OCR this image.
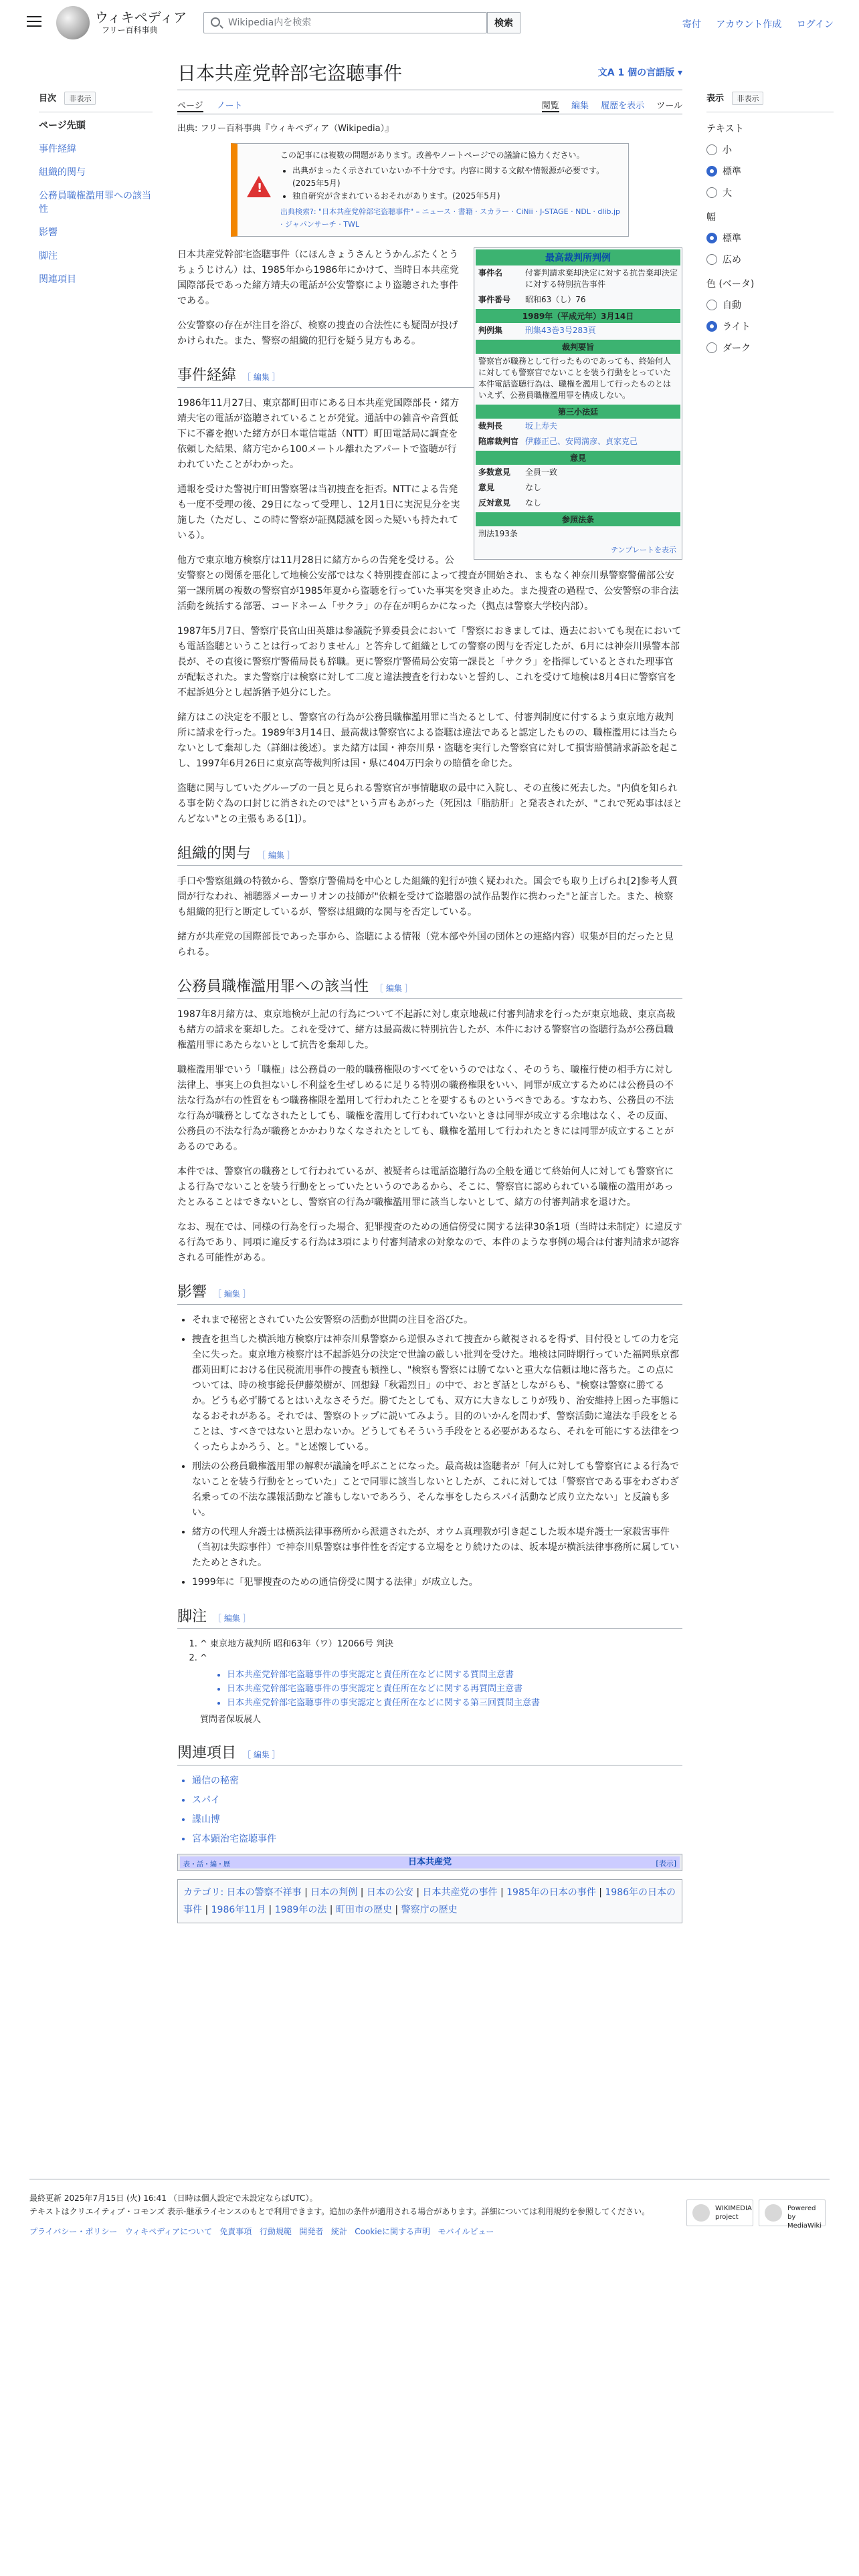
ウィキペディア
フリー百科事典
Wikipedia内を検索
検索	寄付 アカウント作成 ログイン
目次 非表示
ページ先頭
事件経緯
組織的関与
公務員職権濫用罪への該当性
影響
脚注
関連項目
表示 非表示
テキスト
小
標準
大
幅
標準
広め
色 (ベータ)
自動
ライト
ダーク
日本共産党幹部宅盗聴事件	文A 1 個の言語版 ▾
ページ ノート	閲覧 編集 履歴を表示 ツール
出典: フリー百科事典『ウィキペディア（Wikipedia）』
!
この記事には複数の問題があります。改善やノートページでの議論に協力ください。
• 出典がまったく示されていないか不十分です。内容に関する文献や情報源が必要です。(2025年5月)
• 独自研究が含まれているおそれがあります。(2025年5月)
出典検索?: "日本共産党幹部宅盗聴事件" – ニュース · 書籍 · スカラー · CiNii · J-STAGE · NDL · dlib.jp · ジャパンサーチ · TWL
最高裁判所判例
事件名	付審判請求棄却決定に対する抗告棄却決定に対する特別抗告事件
事件番号	昭和63（し）76
1989年（平成元年）3月14日
判例集	刑集43巻3号283頁
裁判要旨
警察官が職務として行ったものであっても、終始何人に対しても警察官でないことを装う行動をとっていた本件電話盗聴行為は、職権を濫用して行ったものとはいえず、公務員職権濫用罪を構成しない。
第三小法廷
裁判長	坂上寿夫
陪席裁判官 伊藤正己、安岡満彦、貞家克己
意見
多数意見	全員一致
意見	なし
反対意見	なし
参照法条
刑法193条
テンプレートを表示

日本共産党幹部宅盗聴事件（にほんきょうさんとうかんぶたくとうちょうじけん）は、1985年から1986年にかけて、当時日本共産党国際部長であった緒方靖夫の電話が公安警察により盗聴された事件である。

公安警察の存在が注目を浴び、検察の捜査の合法性にも疑問が投げかけられた。また、警察の組織的犯行を疑う見方もある。

事件経緯 ［ 編集 ］

1986年11月27日、東京都町田市にある日本共産党国際部長・緒方靖夫宅の電話が盗聴されていることが発覚。通話中の雑音や音質低下に不審を抱いた緒方が日本電信電話（NTT）町田電話局に調査を依頼した結果、緒方宅から100メートル離れたアパートで盗聴が行われていたことがわかった。

通報を受けた警視庁町田警察署は当初捜査を拒否。NTTによる告発も一度不受理の後、29日になって受理し、12月1日に実況見分を実施した（ただし、この時に警察が証拠隠滅を図った疑いも持たれている）。

他方で東京地方検察庁は11月28日に緒方からの告発を受ける。公安警察との関係を悪化して地検公安部ではなく特別捜査部によって捜査が開始され、まもなく神奈川県警察警備部公安第一課所属の複数の警察官が1985年夏から盗聴を行っていた事実を突き止めた。また捜査の過程で、公安警察の非合法活動を統括する部署、コードネーム「サクラ」の存在が明らかになった（拠点は警察大学校内部）。

1987年5月7日、警察庁長官山田英雄は参議院予算委員会において「警察におきましては、過去においても現在においても電話盗聴ということは行っておりません」と答弁して組織としての警察の関与を否定したが、6月には神奈川県警本部長が、その直後に警察庁警備局長も辞職。更に警察庁警備局公安第一課長と「サクラ」を指揮しているとされた理事官が配転された。また警察庁は検察に対して二度と違法捜査を行わないと誓約し、これを受けて地検は8月4日に警察官を不起訴処分とし起訴猶予処分にした。

緒方はこの決定を不服とし、警察官の行為が公務員職権濫用罪に当たるとして、付審判制度に付するよう東京地方裁判所に請求を行った。1989年3月14日、最高裁は警察官による盗聴は違法であると認定したものの、職権濫用には当たらないとして棄却した（詳細は後述）。また緒方は国・神奈川県・盗聴を実行した警察官に対して損害賠償請求訴訟を起こし、1997年6月26日に東京高等裁判所は国・県に404万円余りの賠償を命じた。

盗聴に関与していたグループの一員と見られる警察官が事情聴取の最中に入院し、その直後に死去した。"内偵を知られる事を防ぐ為の口封じに消されたのでは"という声もあがった（死因は「脂肪肝」と発表されたが、"これで死ぬ事はほとんどない"との主張もある[1]）。

組織的関与 ［ 編集 ］

手口や警察組織の特徴から、警察庁警備局を中心とした組織的犯行が強く疑われた。国会でも取り上げられ[2]参考人質問が行なわれ、補聴器メーカーリオンの技師が"依頼を受けて盗聴器の試作品製作に携わった"と証言した。また、検察も組織的犯行と断定しているが、警察は組織的な関与を否定している。

緒方が共産党の国際部長であった事から、盗聴による情報（党本部や外国の団体との連絡内容）収集が目的だったと見られる。

公務員職権濫用罪への該当性 ［ 編集 ］

1987年8月緒方は、東京地検が上記の行為について不起訴に対し東京地裁に付審判請求を行ったが東京地裁、東京高裁も緒方の請求を棄却した。これを受けて、緒方は最高裁に特別抗告したが、本件における警察官の盗聴行為が公務員職権濫用罪にあたらないとして抗告を棄却した。

職権濫用罪でいう「職権」は公務員の一般的職務権限のすべてをいうのではなく、そのうち、職権行使の相手方に対し法律上、事実上の負担ないし不利益を生ぜしめるに足りる特別の職務権限をいい、同罪が成立するためには公務員の不法な行為が右の性質をもつ職務権限を濫用して行われたことを要するものというべきである。すなわち、公務員の不法な行為が職務としてなされたとしても、職権を濫用して行われていないときは同罪が成立する余地はなく、その反面、公務員の不法な行為が職務とかかわりなくなされたとしても、職権を濫用して行われたときには同罪が成立することがあるのである。

本件では、警察官の職務として行われているが、被疑者らは電話盗聴行為の全般を通じて終始何人に対しても警察官による行為でないことを装う行動をとっていたというのであるから、そこに、警察官に認められている職権の濫用があったとみることはできないとし、警察官の行為が職権濫用罪に該当しないとして、緒方の付審判請求を退けた。

なお、現在では、同様の行為を行った場合、犯罪捜査のための通信傍受に関する法律30条1項（当時は未制定）に違反する行為であり、同項に違反する行為は3項により付審判請求の対象なので、本件のような事例の場合は付審判請求が認容される可能性がある。

影響 ［ 編集 ］
• それまで秘密とされていた公安警察の活動が世間の注目を浴びた。
• 捜査を担当した横浜地方検察庁は神奈川県警察から逆恨みされて捜査から敵視されるを得ず、目付役としての力を完全に失った。東京地方検察庁は不起訴処分の決定で世論の厳しい批判を受けた。地検は同時期行っていた福岡県京都郡苅田町における住民税流用事件の捜査も頓挫し、"検察も警察には勝てないと重大な信頼は地に落ちた。この点については、時の検事総長伊藤榮樹が、回想録「秋霜烈日」の中で、おとぎ話としながらも、"検察は警察に勝てるか。どうも必ず勝てるとはいえなさそうだ。勝てたとしても、双方に大きなしこりが残り、治安維持上困った事態になるおそれがある。それでは、警察のトップに説いてみよう。目的のいかんを問わず、警察活動に違法な手段をとることは、すべきではないと思わないか。どうしてもそういう手段をとる必要があるなら、それを可能にする法律をつくったらよかろう、と。"と述懐している。
• 刑法の公務員職権濫用罪の解釈が議論を呼ぶことになった。最高裁は盗聴者が「何人に対しても警察官による行為でないことを装う行動をとっていた」ことで同罪に該当しないとしたが、これに対しては「警察官である事をわざわざ名乗っての不法な諜報活動など誰もしないであろう、そんな事をしたらスパイ活動など成り立たない」と反論も多い。
• 緒方の代理人弁護士は横浜法律事務所から派遣されたが、オウム真理教が引き起こした坂本堤弁護士一家殺害事件（当初は失踪事件）で神奈川県警察は事件性を否定する立場をとり続けたのは、坂本堤が横浜法律事務所に属していたためとされた。
• 1999年に「犯罪捜査のための通信傍受に関する法律」が成立した。
脚注 ［ 編集 ］
1. ^ 東京地方裁判所 昭和63年（ワ）12066号 判決
2. ^
• 日本共産党幹部宅盗聴事件の事実認定と責任所在などに関する質問主意書
• 日本共産党幹部宅盗聴事件の事実認定と責任所在などに関する再質問主意書
• 日本共産党幹部宅盗聴事件の事実認定と責任所在などに関する第三回質問主意書
質問者保坂展人
関連項目 ［ 編集 ］
• 通信の秘密
• スパイ
• 諜山博
• 宮本顕治宅盗聴事件
日本共産党
表・話・編・歴	[表示]
カテゴリ: 日本の警察不祥事 | 日本の判例 | 日本の公安 | 日本共産党の事件 | 1985年の日本の事件 | 1986年の日本の事件 | 1986年11月 | 1989年の法 | 町田市の歴史 | 警察庁の歴史
最終更新 2025年7月15日 (火) 16:41 （日時は個人設定で未設定ならばUTC）。
テキストはクリエイティブ・コモンズ 表示-継承ライセンスのもとで利用できます。追加の条件が適用される場合があります。詳細については利用規約を参照してください。
プライバシー・ポリシー ウィキペディアについて 免責事項 行動規範 開発者 統計 Cookieに関する声明 モバイルビュー
WIKIMEDIA project
Powered by MediaWiki
